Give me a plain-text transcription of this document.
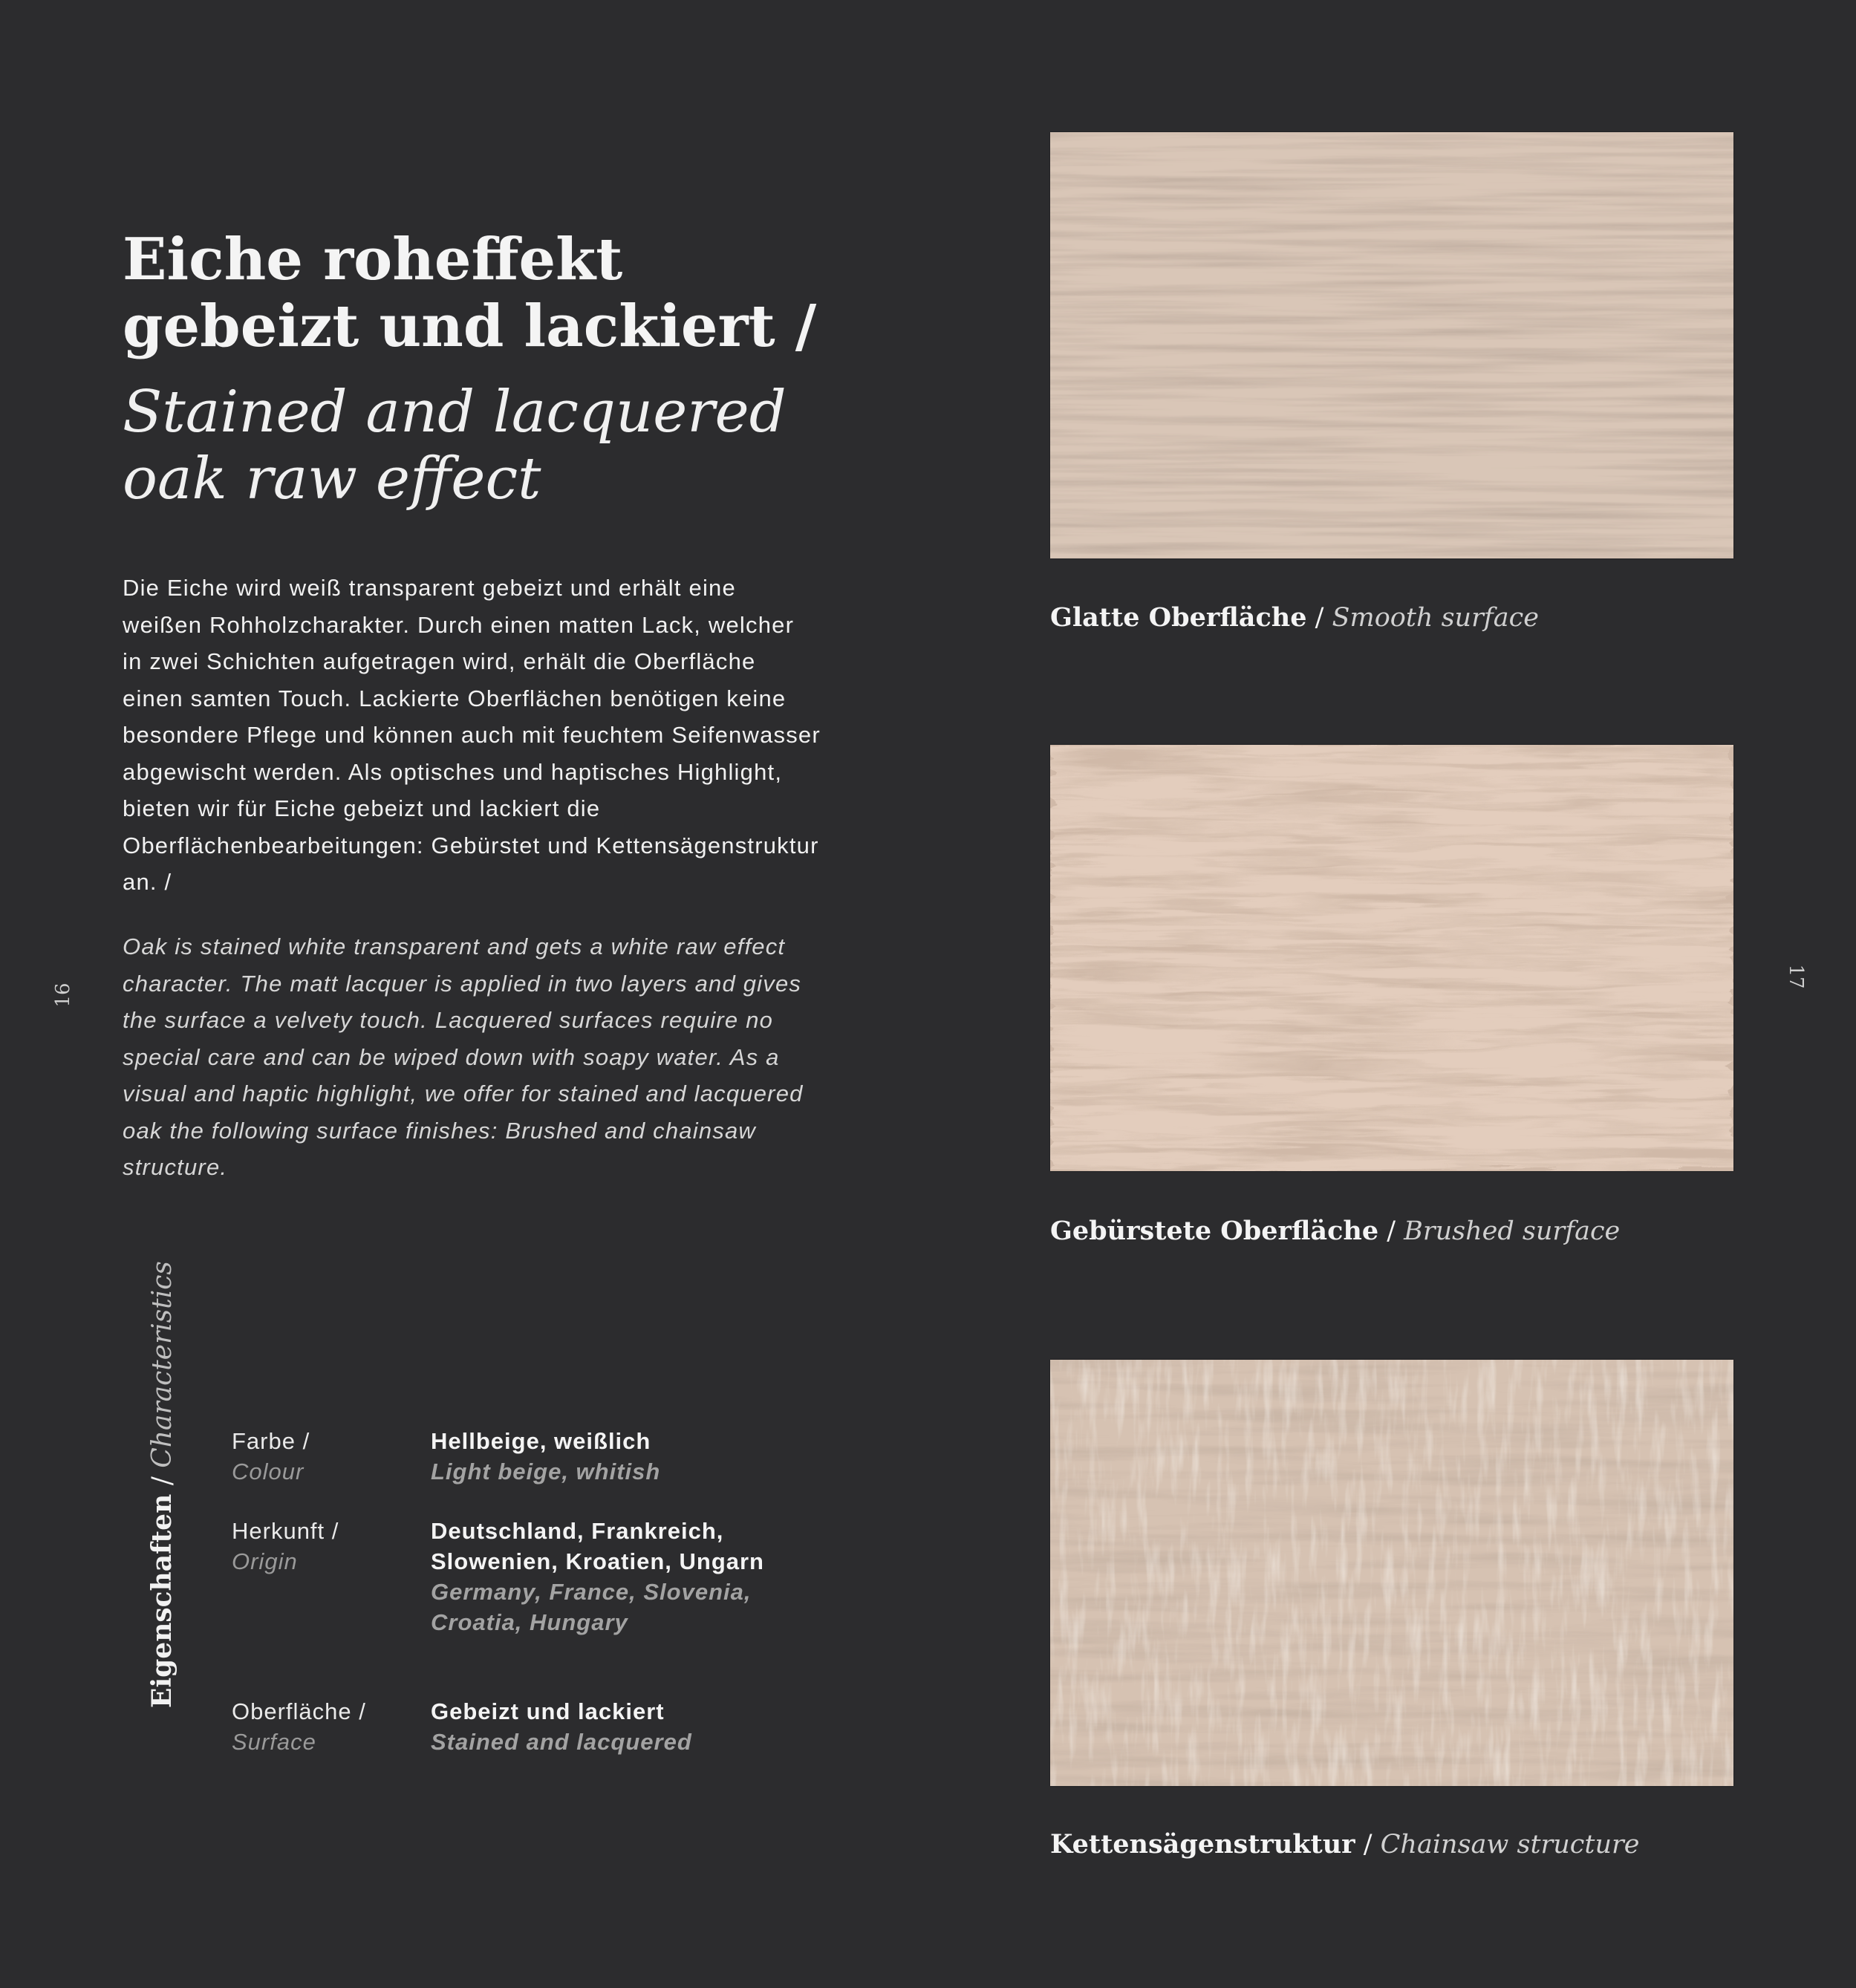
Eiche roheffekt gebeizt und lackiert /
Stained and lacquered oak raw effect

Die Eiche wird weiß transparent gebeizt und erhält eine weißen Rohholzcharakter. Durch einen matten Lack, welcher in zwei Schichten aufgetragen wird, erhält die Oberfläche einen samten Touch. Lackierte Oberflächen benötigen keine besondere Pflege und können auch mit feuchtem Seifenwasser abgewischt werden. Als optisches und haptisches Highlight, bieten wir für Eiche gebeizt und lackiert die Oberflächenbearbeitungen: Gebürstet und Kettensägenstruktur an. /

Oak is stained white transparent and gets a white raw effect character. The matt lacquer is applied in two layers and gives the surface a velvety touch. Lacquered surfaces require no special care and can be wiped down with soapy water. As a visual and haptic highlight, we offer for stained and lacquered oak the following surface finishes: Brushed and chainsaw structure.

16
17
Eigenschaften / Characteristics Farbe /
Colour
Hellbeige, weißlich
Light beige, whitish
Herkunft /
Origin
Deutschland, Frankreich, Slowenien, Kroatien, Ungarn
Germany, France, Slovenia, Croatia, Hungary
Oberfläche /
Surface
Gebeizt und lackiert
Stained and lacquered
Glatte Oberfläche / Smooth surface
Gebürstete Oberfläche / Brushed surface
Kettensägenstruktur / Chainsaw structure
